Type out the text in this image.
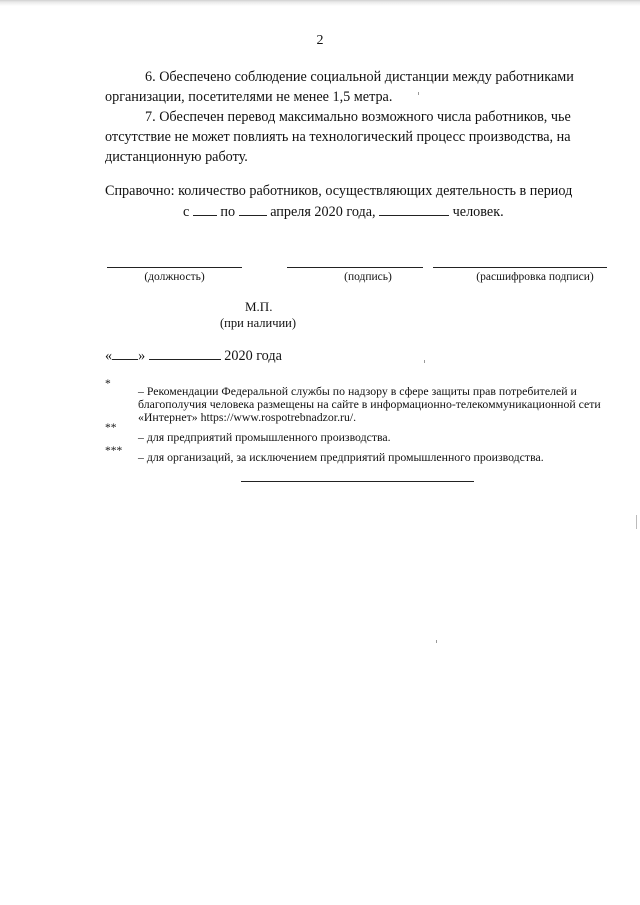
2

6. Обеспечено соблюдение социальной дистанции между работниками организации, посетителями не менее 1,5 метра.

7. Обеспечен перевод максимально возможного числа работников, чье отсутствие не может повлиять на технологический процесс производства, на дистанционную работу.

Справочно: количество работников, осуществляющих деятельность в период
с по апреля 2020 года,	человек.
(должность)	(подпись)	(расшифровка подписи)
М.П.
(при наличии)
« »	2020 года
* – Рекомендации Федеральной службы по надзору в сфере защиты прав потребителей и благополучия человека размещены на сайте в информационно-телекоммуникационной сети «Интернет» https://www.rospotrebnadzor.ru/.
**
– для предприятий промышленного производства.
*** – для организаций, за исключением предприятий промышленного производства.
